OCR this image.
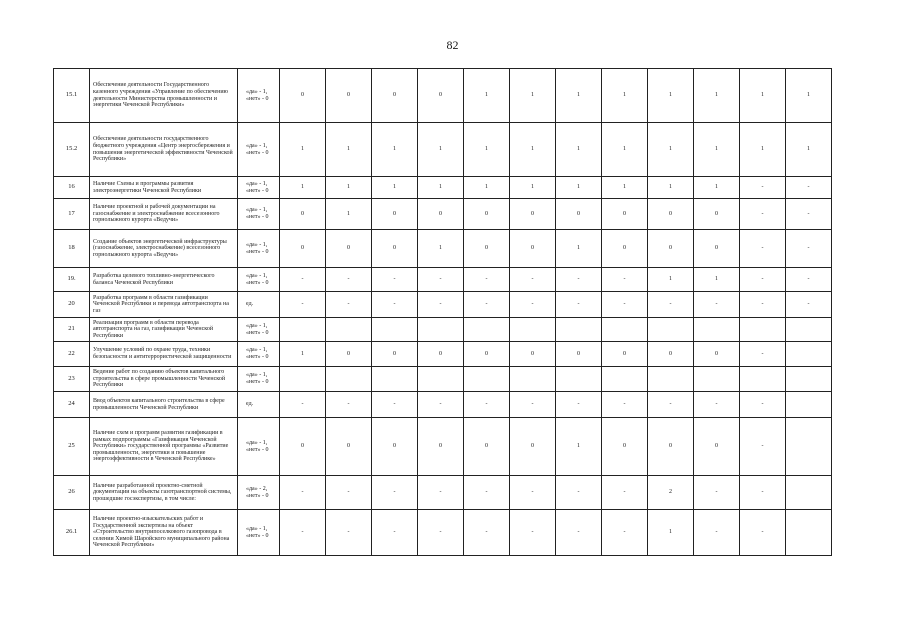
82
15.1	Обеспечение деятельности Государственного казенного учреждения «Управление по обеспечению деятельности Министерства промышленности и энергетики Чеченской Республики»	«да» - 1, «нет» - 0	0	0	0	0	1	1	1	1	1	1	1	1
15.2	Обеспечение деятельности государственного бюджетного учреждения «Центр энергосбережения и повышения энергетической эффективности Чеченской Республики»	«да» - 1, «нет» - 0	1	1	1	1	1	1	1	1	1	1	1	1
16	Наличие Схемы и программы развития электроэнергетики Чеченской Республики	«да» - 1, «нет» - 0	1	1	1	1	1	1	1	1	1	1	-	-
17	Наличие проектной и рабочей документации на газоснабжение и электроснабжение всесезонного горнолыжного курорта «Ведучи»	«да» - 1, «нет» - 0	0	1	0	0	0	0	0	0	0	0	-	-
18	Создание объектов энергетической инфраструктуры (газоснабжение, электроснабжение) всесезонного горнолыжного курорта «Ведучи»	«да» - 1, «нет» - 0	0	0	0	1	0	0	1	0	0	0	-	-
19.	Разработка целевого топливно-энергетического баланса Чеченской Республики	«да» - 1, «нет» - 0	-	-	-	-	-	-	-	-	1	1	-	-
20	Разработка программ в области газификации Чеченской Республики и перевода автотранспорта на газ	ед.	-	-	-	-	-	-	-	-	-	-	-	-
21	Реализация программ в области перевода автотранспорта на газ, газификации Чеченской Республики	«да» - 1, «нет» - 0												
22	Улучшение условий по охране труда, техники безопасности и антитеррористической защищенности	«да» - 1, «нет» - 0	1	0	0	0	0	0	0	0	0	0	-	
23	Ведение работ по созданию объектов капитального строительства в сфере промышленности Чеченской Республики	«да» - 1, «нет» - 0												
24	Ввод объектов капитального строительства в сфере промышленности Чеченской Республики	ед.	-	-	-	-	-	-	-	-	-	-	-	
25	Наличие схем и программ развития газификации в рамках подпрограммы «Газификация Чеченской Республики» государственной программы «Развитие промышленности, энергетики и повышение энергоэффективности в Чеченской Республике»	«да» - 1, «нет» - 0	0	0	0	0	0	0	1	0	0	0	-	
26	Наличие разработанной проектно-сметной документации на объекты газотранспортной системы, прошедшие госэкспертизы, в том числе:	«да» - 2, «нет» - 0	-	-	-	-	-	-	-	-	2	-	-	
26.1	Наличие проектно-изыскательских работ и Государственной экспертизы на объект «Строительство внутрипоселкового газопровода в селении Химой Шаройского муниципального района Чеченской Республики»	«да» - 1, «нет» - 0	-	-	-	-	-	-	-	-	1	-	-	
